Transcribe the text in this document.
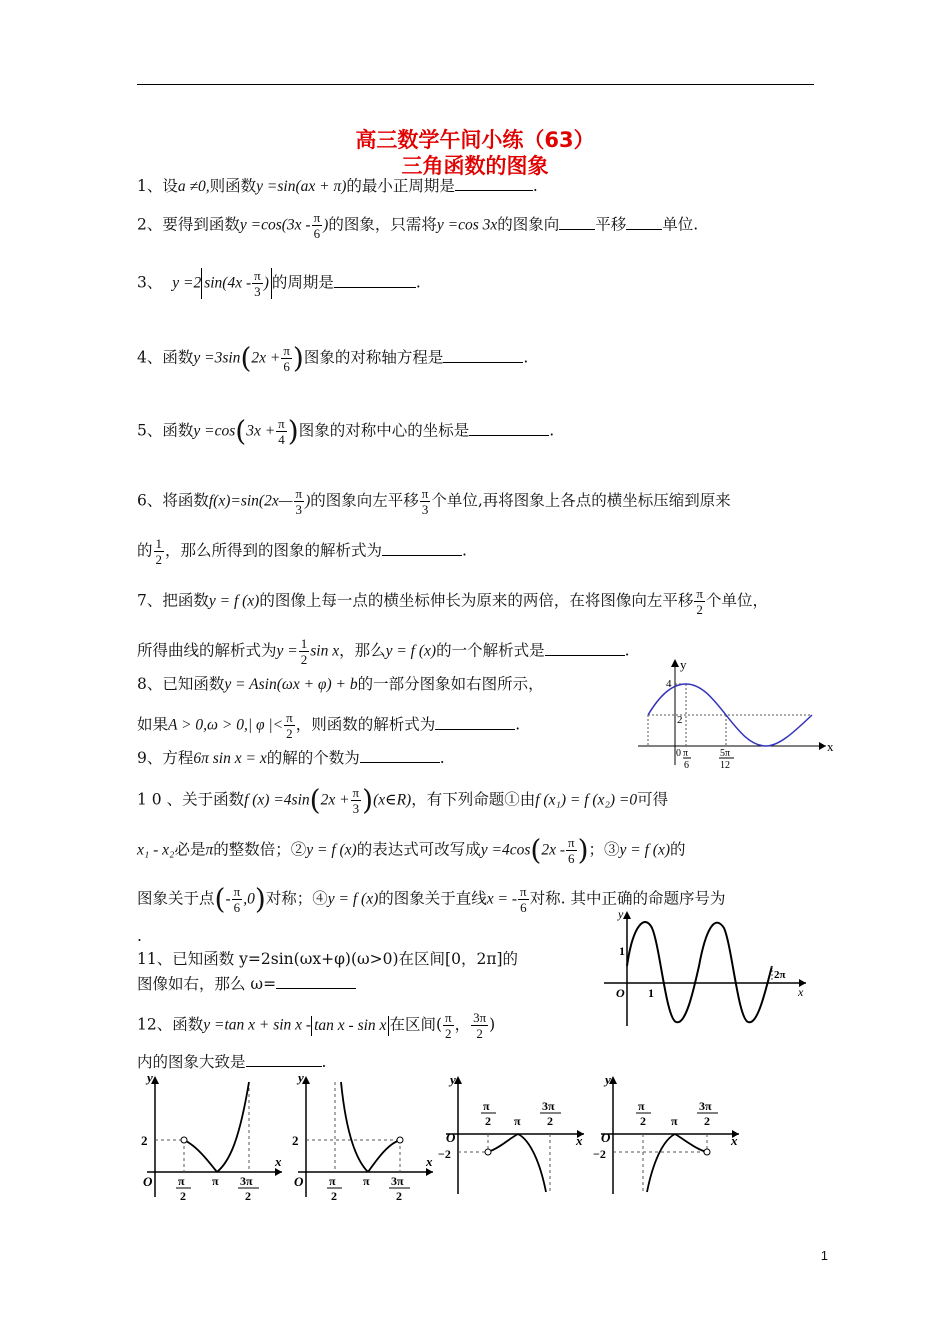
高三数学午间小练（63）
三角函数的图象
1、设a ≠0,则函数y =sin(ax + π)的最小正周期是	.
2、要得到函数$y =\cos(3x - \frac{\pi}{6}$ )的图象，只需将y =cos 3x的图象向 平移 单位.
3、 y =2 $\sin(4x - \frac{\pi}{3}$ ) 的周期是	.
4、函数$y =3\sin(2x + \frac{\pi}{6}$ )图象的对称轴方程是	.
5、函数$y =\cos(3x + \frac{\pi}{4}$ )图象的对称中心的坐标是	.
6、将函数f(x)=sin(2x— $\frac{\pi}{3}$ )的图象向左平移 $\frac{\pi}{3}$ 个单位,再将图象上各点的横坐标压缩到原来
的 $\frac{1}{2}$ ，那么所得到的图象的解析式为	.
7、把函数y = f (x)的图像上每一点的横坐标伸长为原来的两倍，在将图像向左平移 $\frac{\pi}{2}$ 个单位，
所得曲线的解析式为$y = \frac{1}{2}$ sin x，那么y = f (x)的一个解析式是	.
8、已知函数y = Asin(ωx + φ) + b的一部分图象如右图所示，
如果A > 0,ω > 0,| φ |< $\frac{\pi}{2}$ ，则函数的解析式为	.
y
x
4
2
0 π
6
5π
12
9、方程6π sin x = x的解的个数为	.
1 0 、关于函数f $(x) =4\sin(2x + \frac{\pi}{3}$ )(x∈R)，有下列命题①由f (x₁) = f (x₂) =0可得
x₁ - x₂必是π的整数倍；②y = f (x)的表达式可改写成$y =4\cos(2x - \frac{\pi}{6}$ )；③y = f (x)的
图象关于点(- $\frac{\pi}{6} ,0$)对称；④y = f (x)的图象关于直线x = - $\frac{\pi}{6}$ 对称. 其中正确的命题序号为
.
11、已知函数 y=2sin(ωx+φ)(ω>0)在区间[0，2π]的
图像如右，那么 ω=
y
x
1
1
O
2π
12、函数y =tan x + sin x - tan x - sin x 在区间( $\frac{\pi}{2}$ ， $\frac{3\pi}{2}$ )
内的图象大致是	.
y
x
O
2
π
2
π 3π
2
y
x
O
2
π
2
π 3π
2
y
x
O
−2
π
2 π
3π
2
y
x
O
−2
π
2 π
3π
2
1
